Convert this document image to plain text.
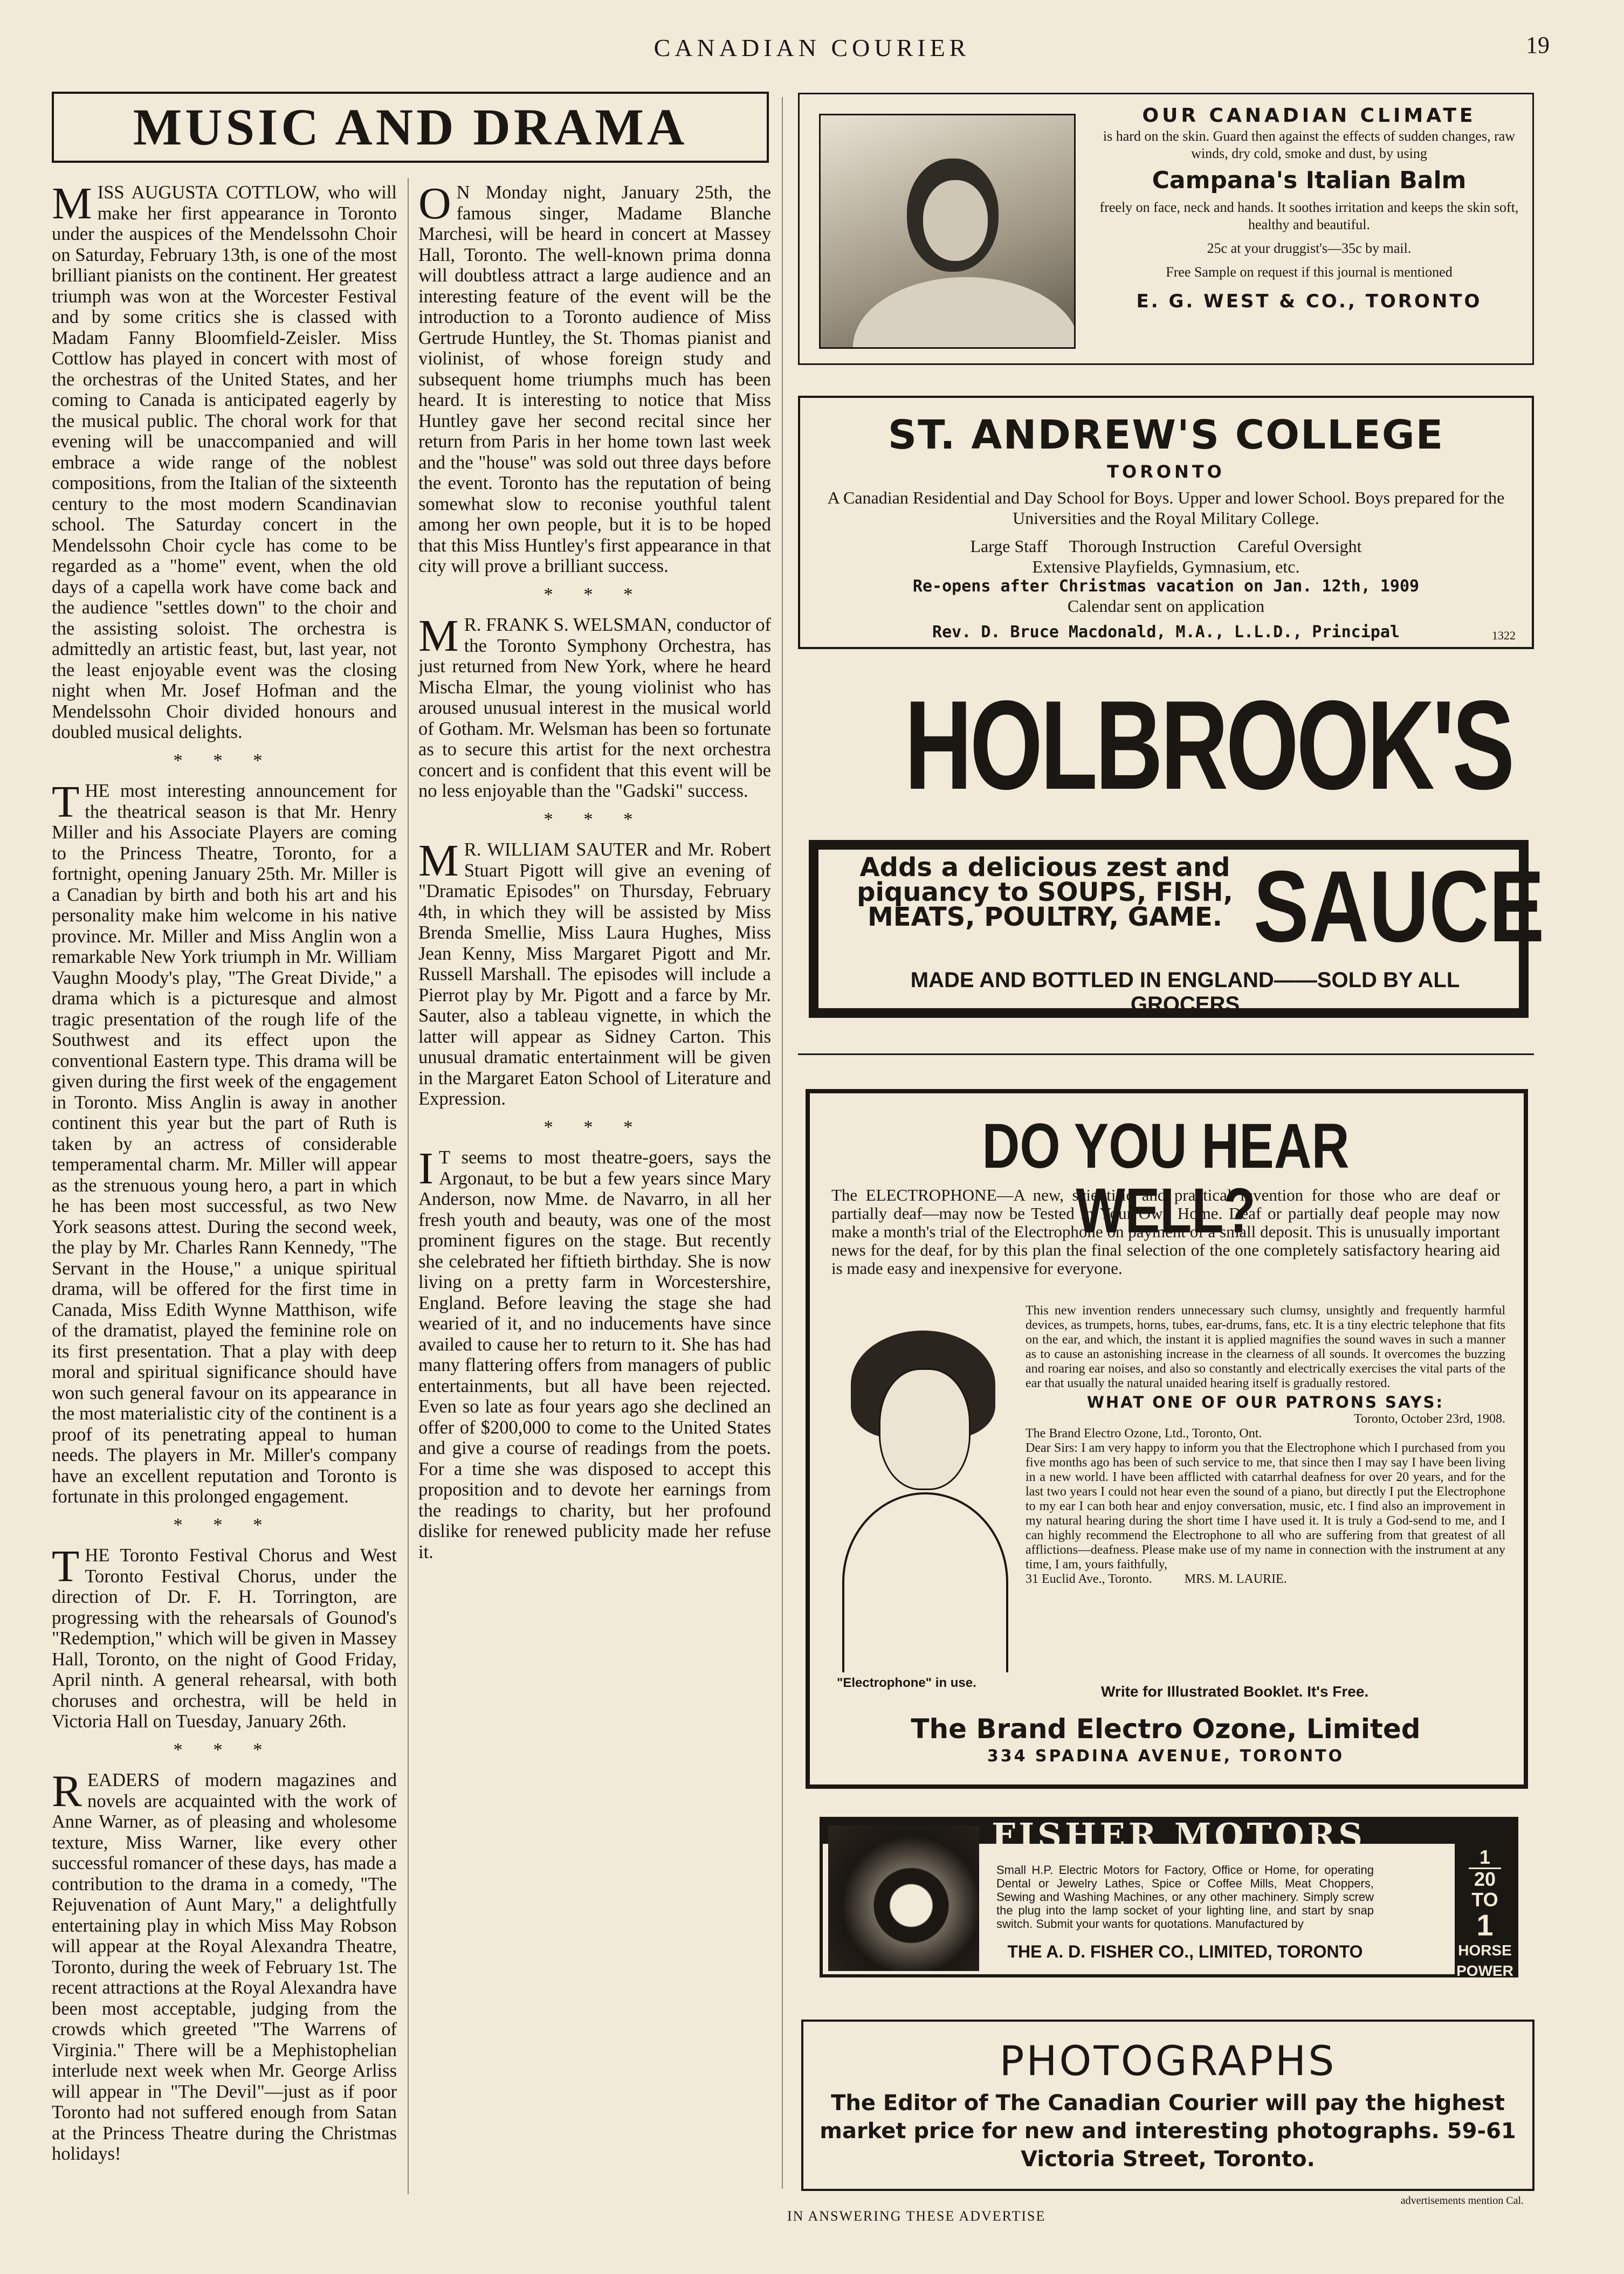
CANADIAN COURIER	19
MUSIC AND DRAMA

MISS AUGUSTA COTTLOW, who will make her first appearance in Toronto under the auspices of the Mendelssohn Choir on Saturday, February 13th, is one of the most brilliant pianists on the continent. Her greatest triumph was won at the Worcester Festival and by some critics she is classed with Madam Fanny Bloomfield-Zeisler. Miss Cottlow has played in concert with most of the orchestras of the United States, and her coming to Canada is anticipated eagerly by the musical public. The choral work for that evening will be unaccompanied and will embrace a wide range of the noblest compositions, from the Italian of the sixteenth century to the most modern Scandinavian school. The Saturday concert in the Mendelssohn Choir cycle has come to be regarded as a "home" event, when the old days of a capella work have come back and the audience "settles down" to the choir and the assisting soloist. The orchestra is admittedly an artistic feast, but, last year, not the least enjoyable event was the closing night when Mr. Josef Hofman and the Mendelssohn Choir divided honours and doubled musical delights.

* * *

THE most interesting announcement for the theatrical season is that Mr. Henry Miller and his Associate Players are coming to the Princess Theatre, Toronto, for a fortnight, opening January 25th. Mr. Miller is a Canadian by birth and both his art and his personality make him welcome in his native province. Mr. Miller and Miss Anglin won a remarkable New York triumph in Mr. William Vaughn Moody's play, "The Great Divide," a drama which is a picturesque and almost tragic presentation of the rough life of the Southwest and its effect upon the conventional Eastern type. This drama will be given during the first week of the engagement in Toronto. Miss Anglin is away in another continent this year but the part of Ruth is taken by an actress of considerable temperamental charm. Mr. Miller will appear as the strenuous young hero, a part in which he has been most successful, as two New York seasons attest. During the second week, the play by Mr. Charles Rann Kennedy, "The Servant in the House," a unique spiritual drama, will be offered for the first time in Canada, Miss Edith Wynne Matthison, wife of the dramatist, played the feminine role on its first presentation. That a play with deep moral and spiritual significance should have won such general favour on its appearance in the most materialistic city of the continent is a proof of its penetrating appeal to human needs. The players in Mr. Miller's company have an excellent reputation and Toronto is fortunate in this prolonged engagement.

* * *

THE Toronto Festival Chorus and West Toronto Festival Chorus, under the direction of Dr. F. H. Torrington, are progressing with the rehearsals of Gounod's "Redemption," which will be given in Massey Hall, Toronto, on the night of Good Friday, April ninth. A general rehearsal, with both choruses and orchestra, will be held in Victoria Hall on Tuesday, January 26th.

* * *

READERS of modern magazines and novels are acquainted with the work of Anne Warner, as of pleasing and wholesome texture, Miss Warner, like every other successful romancer of these days, has made a contribution to the drama in a comedy, "The Rejuvenation of Aunt Mary," a delightfully entertaining play in which Miss May Robson will appear at the Royal Alexandra Theatre, Toronto, during the week of February 1st. The recent attractions at the Royal Alexandra have been most acceptable, judging from the crowds which greeted "The Warrens of Virginia." There will be a Mephistophelian interlude next week when Mr. George Arliss will appear in "The Devil"—just as if poor Toronto had not suffered enough from Satan at the Princess Theatre during the Christmas holidays!

O N Monday night, January 25th, the famous singer, Madame Blanche Marchesi, will be heard in concert at Massey Hall, Toronto. The well-known prima donna will doubtless attract a large audience and an interesting feature of the event will be the introduction to a Toronto audience of Miss Gertrude Huntley, the St. Thomas pianist and violinist, of whose foreign study and subsequent home triumphs much has been heard. It is interesting to notice that Miss Huntley gave her second recital since her return from Paris in her home town last week and the "house" was sold out three days before the event. Toronto has the reputation of being somewhat slow to reconise youthful talent among her own people, but it is to be hoped that this Miss Huntley's first appearance in that city will prove a brilliant success.

* * *

M R. FRANK S. WELSMAN, conductor of the Toronto Symphony Orchestra, has just returned from New York, where he heard Mischa Elmar, the young violinist who has aroused unusual interest in the musical world of Gotham. Mr. Welsman has been so fortunate as to secure this artist for the next orchestra concert and is confident that this event will be no less enjoyable than the "Gadski" success.

* * *

M R. WILLIAM SAUTER and Mr. Robert Stuart Pigott will give an evening of "Dramatic Episodes" on Thursday, February 4th, in which they will be assisted by Miss Brenda Smellie, Miss Laura Hughes, Miss Jean Kenny, Miss Margaret Pigott and Mr. Russell Marshall. The episodes will include a Pierrot play by Mr. Pigott and a farce by Mr. Sauter, also a tableau vignette, in which the latter will appear as Sidney Carton. This unusual dramatic entertainment will be given in the Margaret Eaton School of Literature and Expression.

* * *

I T seems to most theatre-goers, says the Argonaut, to be but a few years since Mary Anderson, now Mme. de Navarro, in all her fresh youth and beauty, was one of the most prominent figures on the stage. But recently she celebrated her fiftieth birthday. She is now living on a pretty farm in Worcestershire, England. Before leaving the stage she had wearied of it, and no inducements have since availed to cause her to return to it. She has had many flattering offers from managers of public entertainments, but all have been rejected. Even so late as four years ago she declined an offer of $200,000 to come to the United States and give a course of readings from the poets. For a time she was disposed to accept this proposition and to devote her earnings from the readings to charity, but her profound dislike for renewed publicity made her refuse it.

OUR CANADIAN CLIMATE
is hard on the skin. Guard then against the effects of sudden changes, raw winds, dry cold, smoke and dust, by using
Campana's Italian Balm
freely on face, neck and hands. It soothes irritation and keeps the skin soft, healthy and beautiful.
25c at your druggist's—35c by mail.
Free Sample on request if this journal is mentioned
E. G. WEST & CO., TORONTO
ST. ANDREW'S COLLEGE
TORONTO
A Canadian Residential and Day School for Boys. Upper and lower School. Boys prepared for the Universities and the Royal Military College.
Large Staff     Thorough Instruction     Careful Oversight
Extensive Playfields, Gymnasium, etc.
Re-opens after Christmas vacation on Jan. 12th, 1909
Calendar sent on application
Rev. D. Bruce Macdonald, M.A., L.L.D., Principal	1322
HOLBROOK'S
Adds a delicious zest and piquancy to SOUPS, FISH, MEATS, POULTRY, GAME. SAUCE
MADE AND BOTTLED IN ENGLAND——SOLD BY ALL GROCERS
DO YOU HEAR WELL?
The ELECTROPHONE—A new, scientific and practical invention for those who are deaf or partially deaf—may now be Tested in Your Own Home. Deaf or partially deaf people may now make a month's trial of the Electrophone on payment of a small deposit. This is unusually important news for the deaf, for by this plan the final selection of the one completely satisfactory hearing aid is made easy and inexpensive for everyone.

This new invention renders unnecessary such clumsy, unsightly and frequently harmful devices, as trumpets, horns, tubes, ear-drums, fans, etc. It is a tiny electric telephone that fits on the ear, and which, the instant it is applied magnifies the sound waves in such a manner as to cause an astonishing increase in the clearness of all sounds. It overcomes the buzzing and roaring ear noises, and also so constantly and electrically exercises the vital parts of the ear that usually the natural unaided hearing itself is gradually restored.

WHAT ONE OF OUR PATRONS SAYS:

Toronto, October 23rd, 1908.

The Brand Electro Ozone, Ltd., Toronto, Ont.

Dear Sirs: I am very happy to inform you that the Electrophone which I purchased from you five months ago has been of such service to me, that since then I may say I have been living in a new world. I have been afflicted with catarrhal deafness for over 20 years, and for the last two years I could not hear even the sound of a piano, but directly I put the Electrophone to my ear I can both hear and enjoy conversation, music, etc. I find also an improvement in my natural hearing during the short time I have used it. It is truly a God-send to me, and I can highly recommend the Electrophone to all who are suffering from that greatest of all afflictions—deafness. Please make use of my name in connection with the instrument at any time, I am, yours faithfully,

31 Euclid Ave., Toronto.          MRS. M. LAURIE.

"Electrophone" in use.
Write for Illustrated Booklet. It's Free.
The Brand Electro Ozone, Limited
334 SPADINA AVENUE, TORONTO
FISHER MOTORS
Small H.P. Electric Motors for Factory, Office or Home, for operating Dental or Jewelry Lathes, Spice or Coffee Mills, Meat Choppers, Sewing and Washing Machines, or any other machinery. Simply screw the plug into the lamp socket of your lighting line, and start by snap switch. Submit your wants for quotations. Manufactured by
THE A. D. FISHER CO., LIMITED, TORONTO
1
20
TO
1
HORSE
POWER
PHOTOGRAPHS
The Editor of The Canadian Courier will pay the highest market price for new and interesting photographs. 59-61 Victoria Street, Toronto.
advertisements mention Cal.
IN ANSWERING THESE ADVERTISE
